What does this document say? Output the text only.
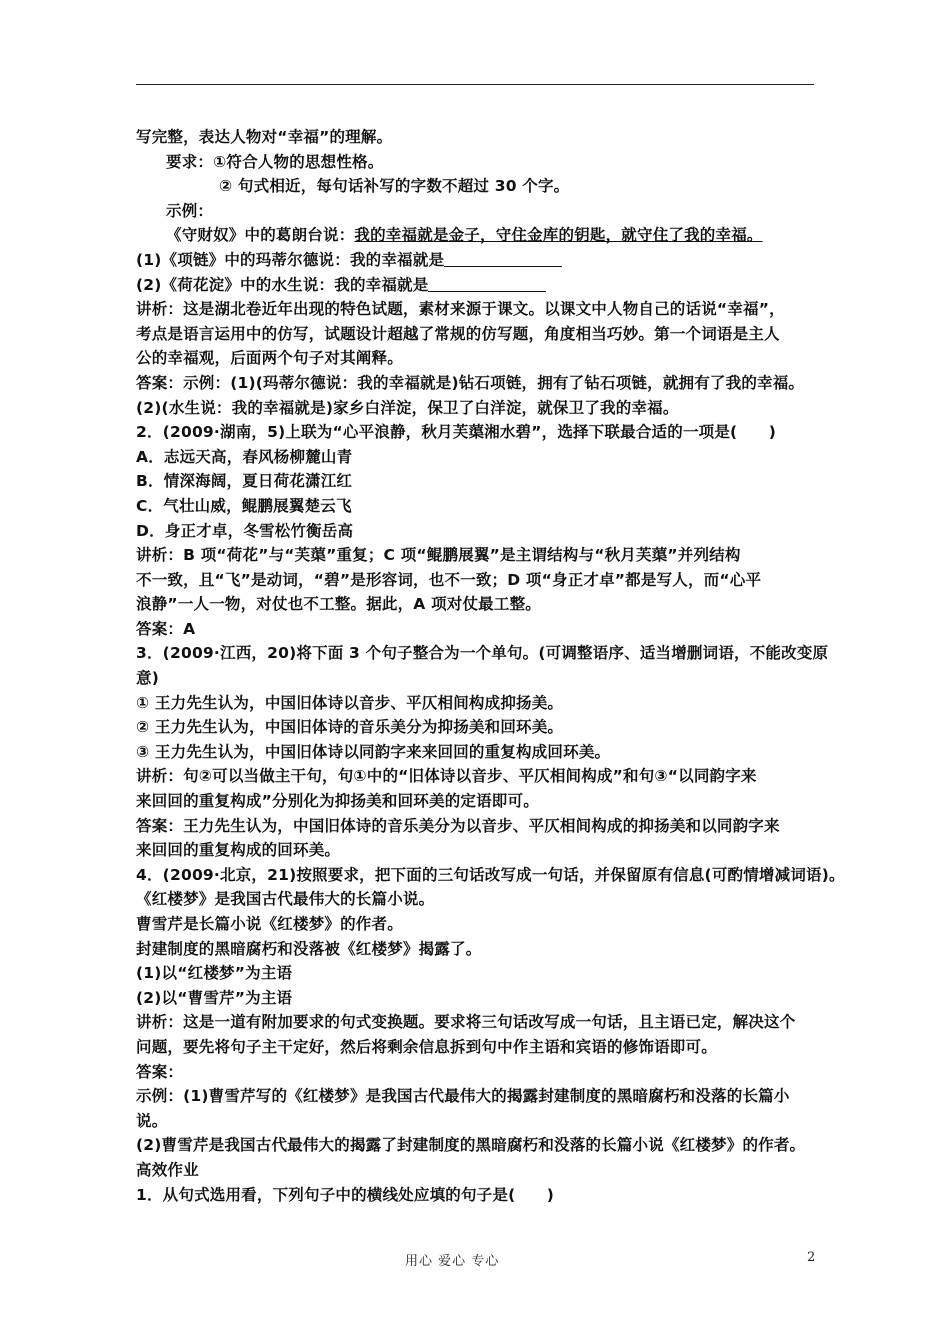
写完整，表达人物对“幸福”的理解。
要求：①符合人物的思想性格。
② 句式相近，每句话补写的字数不超过 30 个字。
示例：
《守财奴》中的葛朗台说：我的幸福就是金子，守住金库的钥匙，就守住了我的幸福。
(1)《项链》中的玛蒂尔德说：我的幸福就是
(2)《荷花淀》中的水生说：我的幸福就是
讲析：这是湖北卷近年出现的特色试题，素材来源于课文。以课文中人物自己的话说“幸福”，
考点是语言运用中的仿写，试题设计超越了常规的仿写题，角度相当巧妙。第一个词语是主人
公的幸福观，后面两个句子对其阐释。
答案：示例：(1)(玛蒂尔德说：我的幸福就是)钻石项链，拥有了钻石项链，就拥有了我的幸福。
(2)(水生说：我的幸福就是)家乡白洋淀，保卫了白洋淀，就保卫了我的幸福。
2．(2009·湖南，5)上联为“心平浪静，秋月芙蕖湘水碧”，选择下联最合适的一项是(　　)
A．志远天高，春风杨柳麓山青
B．情深海阔，夏日荷花潇江红
C．气壮山威，鲲鹏展翼楚云飞
D．身正才卓，冬雪松竹衡岳高
讲析：B 项“荷花”与“芙蕖”重复；C 项“鲲鹏展翼”是主谓结构与“秋月芙蕖”并列结构
不一致，且“飞”是动词，“碧”是形容词，也不一致；D 项“身正才卓”都是写人，而“心平
浪静”一人一物，对仗也不工整。据此，A 项对仗最工整。
答案：A
3．(2009·江西，20)将下面 3 个句子整合为一个单句。(可调整语序、适当增删词语，不能改变原
意)
① 王力先生认为，中国旧体诗以音步、平仄相间构成抑扬美。
② 王力先生认为，中国旧体诗的音乐美分为抑扬美和回环美。
③ 王力先生认为，中国旧体诗以同韵字来来回回的重复构成回环美。
讲析：句②可以当做主干句，句①中的“旧体诗以音步、平仄相间构成”和句③“以同韵字来
来回回的重复构成”分别化为抑扬美和回环美的定语即可。
答案：王力先生认为，中国旧体诗的音乐美分为以音步、平仄相间构成的抑扬美和以同韵字来
来回回的重复构成的回环美。
4．(2009·北京，21)按照要求，把下面的三句话改写成一句话，并保留原有信息(可酌情增减词语)。
《红楼梦》是我国古代最伟大的长篇小说。
曹雪芹是长篇小说《红楼梦》的作者。
封建制度的黑暗腐朽和没落被《红楼梦》揭露了。
(1)以“红楼梦”为主语
(2)以“曹雪芹”为主语
讲析：这是一道有附加要求的句式变换题。要求将三句话改写成一句话，且主语已定，解决这个
问题，要先将句子主干定好，然后将剩余信息拆到句中作主语和宾语的修饰语即可。
答案：
示例：(1)曹雪芹写的《红楼梦》是我国古代最伟大的揭露封建制度的黑暗腐朽和没落的长篇小
说。
(2)曹雪芹是我国古代最伟大的揭露了封建制度的黑暗腐朽和没落的长篇小说《红楼梦》的作者。
高效作业
1．从句式选用看，下列句子中的横线处应填的句子是(　　)
用心 爱心 专心	2
